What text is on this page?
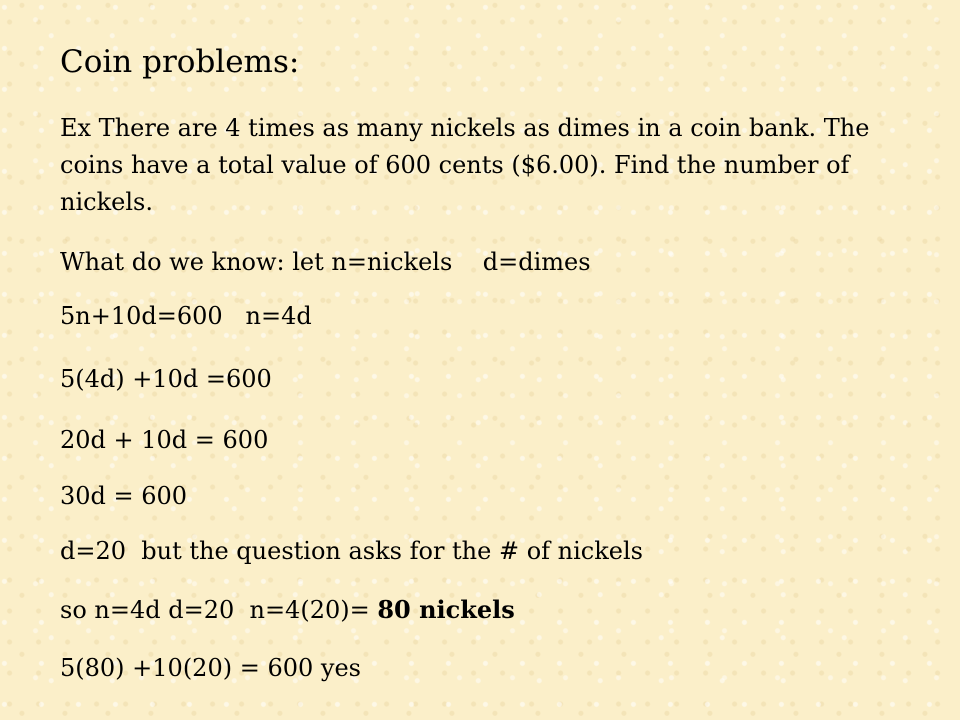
Coin problems:

Ex There are 4 times as many nickels as dimes in a coin bank. The coins have a total value of 600 cents ($6.00). Find the number of nickels.

What do we know: let n=nickels    d=dimes

5n+10d=600   n=4d

5(4d) +10d =600

20d + 10d = 600

30d = 600

d=20  but the question asks for the # of nickels

so n=4d d=20  n=4(20)= 80 nickels

5(80) +10(20) = 600 yes
